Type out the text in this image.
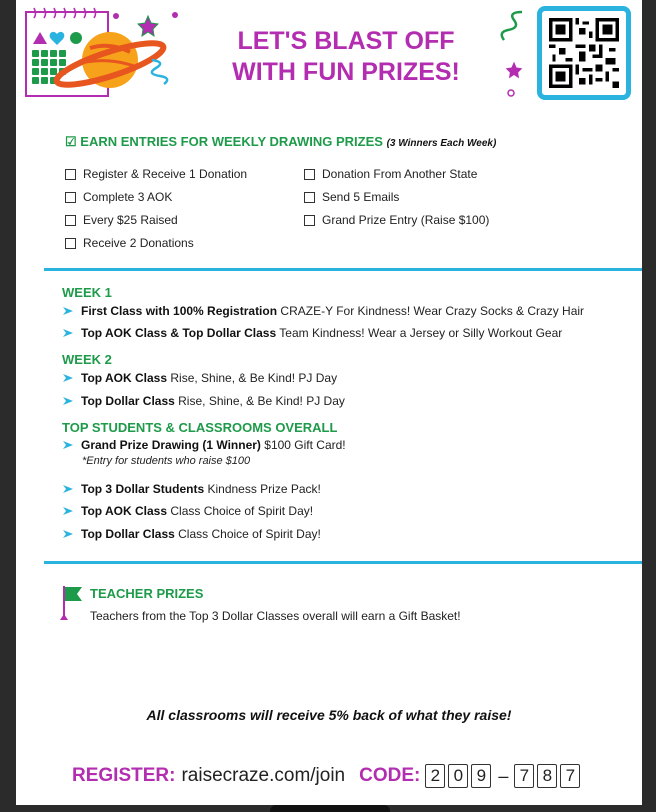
LET'S BLAST OFF
WITH FUN PRIZES!
☑ EARN ENTRIES FOR WEEKLY DRAWING PRIZES (3 Winners Each Week)
Register & Receive 1 Donation
Complete 3 AOK
Every $25 Raised
Receive 2 Donations
Donation From Another State
Send 5 Emails
Grand Prize Entry (Raise $100)
WEEK 1
First Class with 100% Registration CRAZE-Y For Kindness! Wear Crazy Socks & Crazy Hair
Top AOK Class & Top Dollar Class Team Kindness! Wear a Jersey or Silly Workout Gear
WEEK 2
Top AOK Class Rise, Shine, & Be Kind! PJ Day
Top Dollar Class Rise, Shine, & Be Kind! PJ Day
TOP STUDENTS & CLASSROOMS OVERALL
Grand Prize Drawing (1 Winner) $100 Gift Card!
*Entry for students who raise $100
Top 3 Dollar Students Kindness Prize Pack!
Top AOK Class Class Choice of Spirit Day!
Top Dollar Class Class Choice of Spirit Day!
TEACHER PRIZES
Teachers from the Top 3 Dollar Classes overall will earn a Gift Basket!
All classrooms will receive 5% back of what they raise!
REGISTER: raisecraze.com/join CODE: 2 0 9 – 7 8 7
